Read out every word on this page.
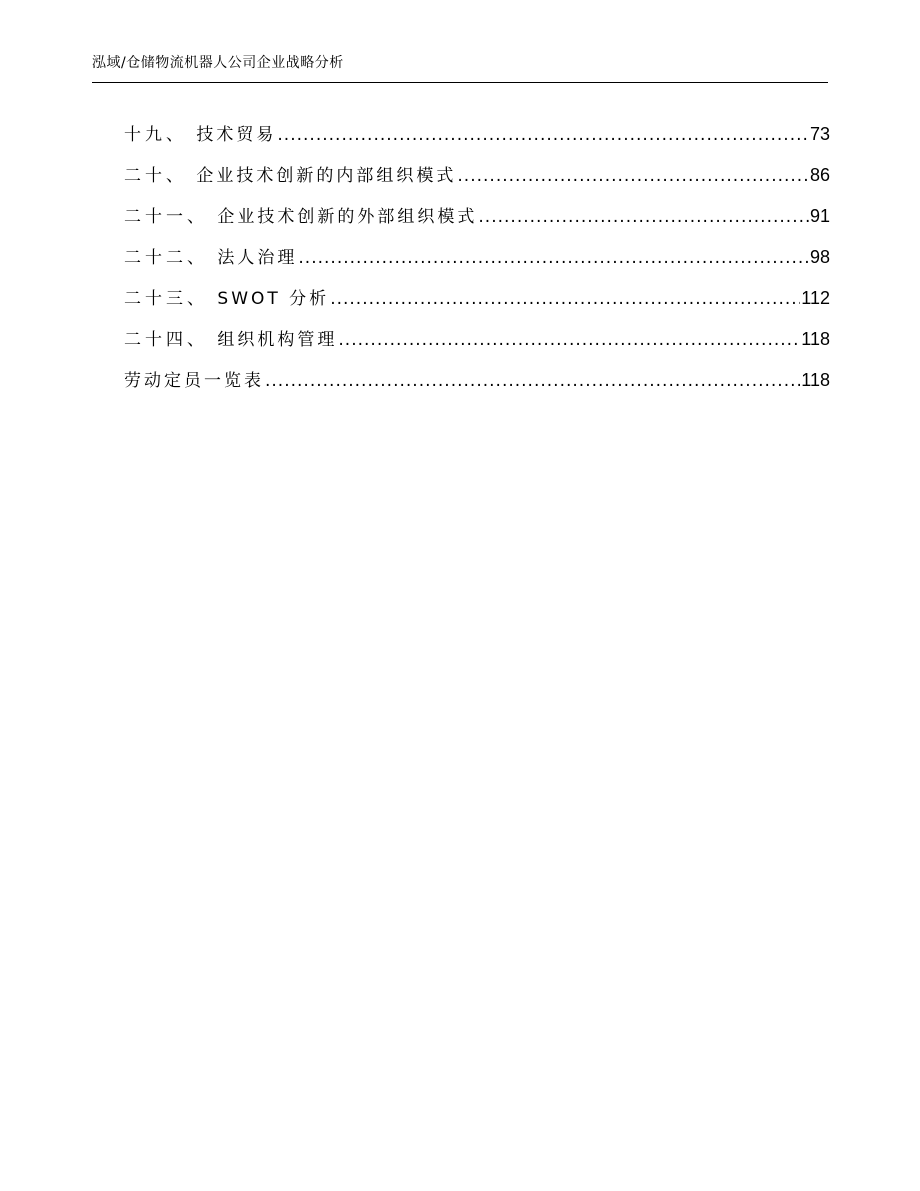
泓域/仓储物流机器人公司企业战略分析
十九、 技术贸易 .....	73
二十、 企业技术创新的内部组织模式 .....	86
二十一、 企业技术创新的外部组织模式 .....	91
二十二、 法人治理 .....	98
二十三、 SWOT 分析 .....	112
二十四、 组织机构管理 .....	118
劳动定员一览表 .....	118
